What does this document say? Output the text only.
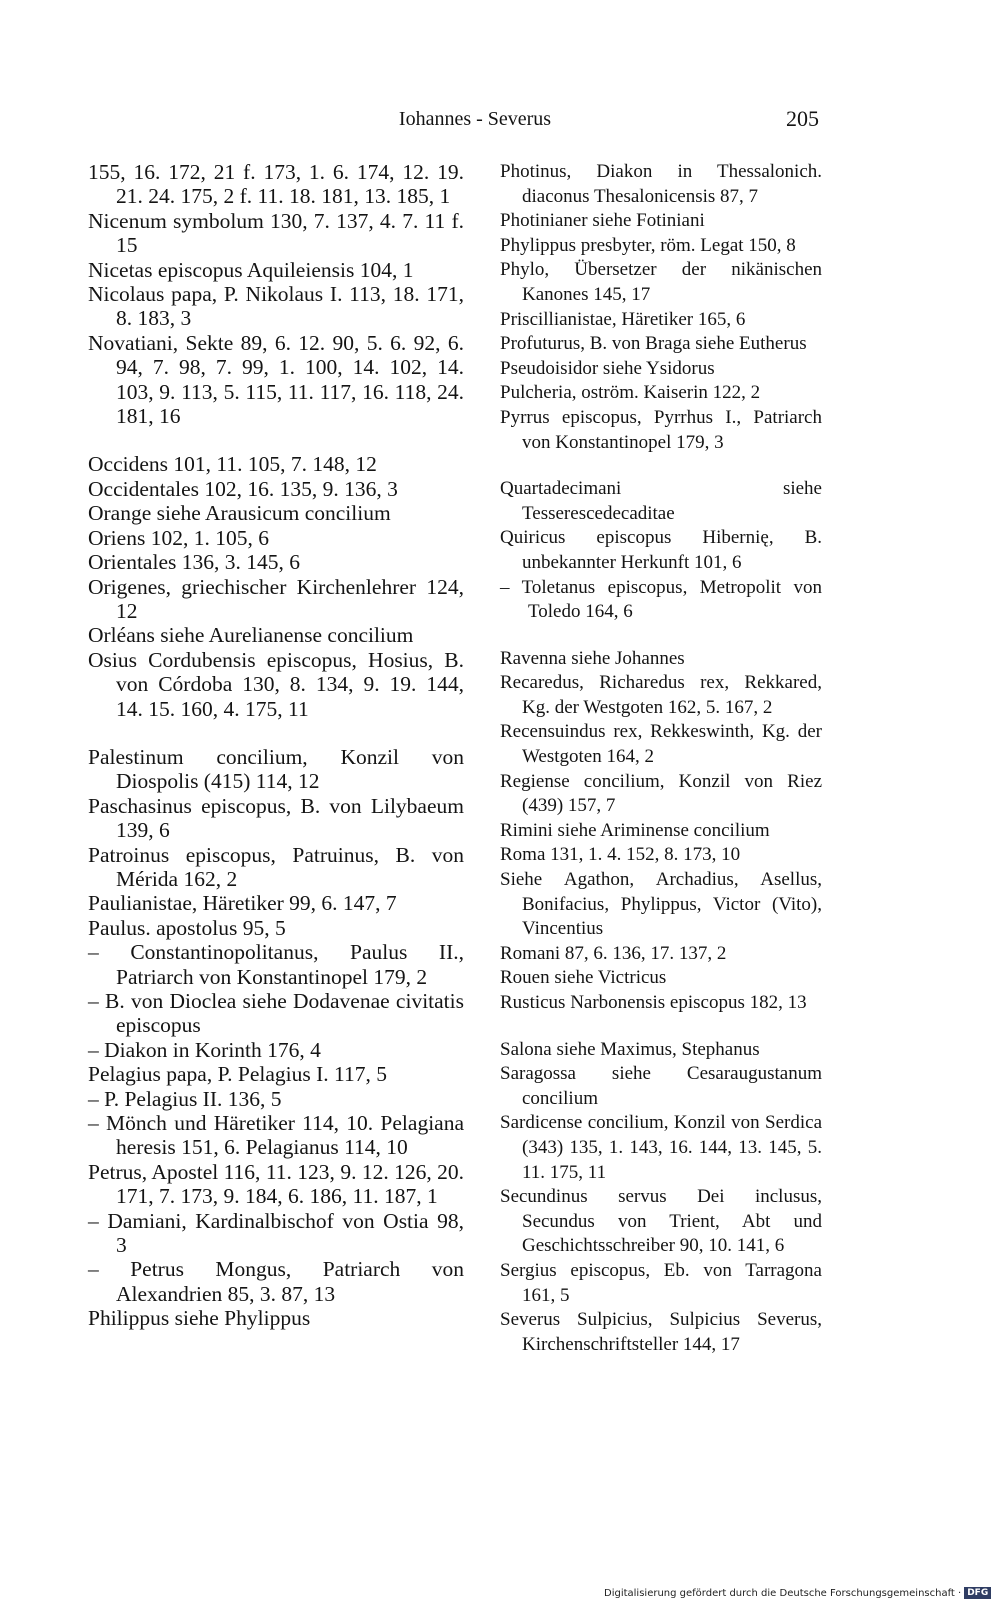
Iohannes - Severus	205
155, 16. 172, 21 f. 173, 1. 6. 174, 12. 19. 21. 24. 175, 2 f. 11. 18. 181, 13. 185, 1
Nicenum symbolum 130, 7. 137, 4. 7. 11 f. 15
Nicetas episcopus Aquileiensis 104, 1
Nicolaus papa, P. Nikolaus I. 113, 18. 171, 8. 183, 3
Novatiani, Sekte 89, 6. 12. 90, 5. 6. 92, 6. 94, 7. 98, 7. 99, 1. 100, 14. 102, 14. 103, 9. 113, 5. 115, 11. 117, 16. 118, 24. 181, 16
Occidens 101, 11. 105, 7. 148, 12
Occidentales 102, 16. 135, 9. 136, 3
Orange siehe Arausicum concilium
Oriens 102, 1. 105, 6
Orientales 136, 3. 145, 6
Origenes, griechischer Kirchenlehrer 124, 12
Orléans siehe Aurelianense concilium
Osius Cordubensis episcopus, Hosius, B. von Córdoba 130, 8. 134, 9. 19. 144, 14. 15. 160, 4. 175, 11
Palestinum concilium, Konzil von Diospolis (415) 114, 12
Paschasinus episcopus, B. von Lilybaeum 139, 6
Patroinus episcopus, Patruinus, B. von Mérida 162, 2
Paulianistae, Häretiker 99, 6. 147, 7
Paulus. apostolus 95, 5
– Constantinopolitanus, Paulus II., Patriarch von Konstantinopel 179, 2
– B. von Dioclea siehe Dodavenae civitatis episcopus
– Diakon in Korinth 176, 4
Pelagius papa, P. Pelagius I. 117, 5
– P. Pelagius II. 136, 5
– Mönch und Häretiker 114, 10. Pelagiana heresis 151, 6. Pelagianus 114, 10
Petrus, Apostel 116, 11. 123, 9. 12. 126, 20. 171, 7. 173, 9. 184, 6. 186, 11. 187, 1
– Damiani, Kardinalbischof von Ostia 98, 3
– Petrus Mongus, Patriarch von Alexandrien 85, 3. 87, 13
Philippus siehe Phylippus
Photinus, Diakon in Thessalonich. diaconus Thesalonicensis 87, 7
Photinianer siehe Fotiniani
Phylippus presbyter, röm. Legat 150, 8
Phylo, Übersetzer der nikänischen Kanones 145, 17
Priscillianistae, Häretiker 165, 6
Profuturus, B. von Braga siehe Eutherus
Pseudoisidor siehe Ysidorus
Pulcheria, oström. Kaiserin 122, 2
Pyrrus episcopus, Pyrrhus I., Patriarch von Konstantinopel 179, 3
Quartadecimani siehe Tesserescedecaditae
Quiricus episcopus Hibernię, B. unbekannter Herkunft 101, 6
– Toletanus episcopus, Metropolit von Toledo 164, 6
Ravenna siehe Johannes
Recaredus, Richaredus rex, Rekkared, Kg. der Westgoten 162, 5. 167, 2
Recensuindus rex, Rekkeswinth, Kg. der Westgoten 164, 2
Regiense concilium, Konzil von Riez (439) 157, 7
Rimini siehe Ariminense concilium
Roma 131, 1. 4. 152, 8. 173, 10
Siehe Agathon, Archadius, Asellus, Bonifacius, Phylippus, Victor (Vito), Vincentius
Romani 87, 6. 136, 17. 137, 2
Rouen siehe Victricus
Rusticus Narbonensis episcopus 182, 13
Salona siehe Maximus, Stephanus
Saragossa siehe Cesaraugustanum concilium
Sardicense concilium, Konzil von Serdica (343) 135, 1. 143, 16. 144, 13. 145, 5. 11. 175, 11
Secundinus servus Dei inclusus, Secundus von Trient, Abt und Geschichtsschreiber 90, 10. 141, 6
Sergius episcopus, Eb. von Tarragona 161, 5
Severus Sulpicius, Sulpicius Severus, Kirchenschriftsteller 144, 17
Digitalisierung gefördert durch die Deutsche Forschungsgemeinschaft · DFG
